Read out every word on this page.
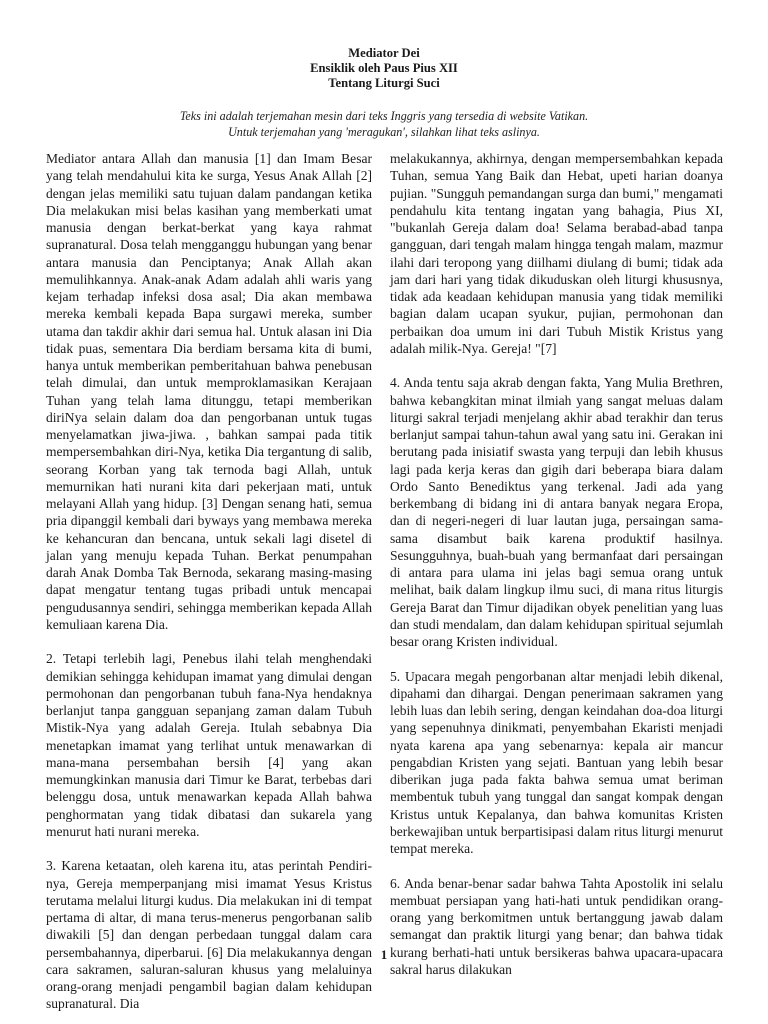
Mediator Dei
Ensiklik oleh Paus Pius XII
Tentang Liturgi Suci
Teks ini adalah terjemahan mesin dari teks Inggris yang tersedia di website Vatikan.
Untuk terjemahan yang 'meragukan', silahkan lihat teks aslinya.

Mediator antara Allah dan manusia [1] dan Imam Besar yang telah mendahului kita ke surga, Yesus Anak Allah [2] dengan jelas memiliki satu tujuan dalam pandangan ketika Dia melakukan misi belas kasihan yang memberkati umat manusia dengan berkat-berkat yang kaya rahmat supranatural. Dosa telah mengganggu hubungan yang benar antara manusia dan Penciptanya; Anak Allah akan memulihkannya. Anak-anak Adam adalah ahli waris yang kejam terhadap infeksi dosa asal; Dia akan membawa mereka kembali kepada Bapa surgawi mereka, sumber utama dan takdir akhir dari semua hal. Untuk alasan ini Dia tidak puas, sementara Dia berdiam bersama kita di bumi, hanya untuk memberikan pemberitahuan bahwa penebusan telah dimulai, dan untuk memproklamasikan Kerajaan Tuhan yang telah lama ditunggu, tetapi memberikan diriNya selain dalam doa dan pengorbanan untuk tugas menyelamatkan jiwa-jiwa. , bahkan sampai pada titik mempersembahkan diri-Nya, ketika Dia tergantung di salib, seorang Korban yang tak ternoda bagi Allah, untuk memurnikan hati nurani kita dari pekerjaan mati, untuk melayani Allah yang hidup. [3] Dengan senang hati, semua pria dipanggil kembali dari byways yang membawa mereka ke kehancuran dan bencana, untuk sekali lagi disetel di jalan yang menuju kepada Tuhan. Berkat penumpahan darah Anak Domba Tak Bernoda, sekarang masing-masing dapat mengatur tentang tugas pribadi untuk mencapai pengudusannya sendiri, sehingga memberikan kepada Allah kemuliaan karena Dia.

2. Tetapi terlebih lagi, Penebus ilahi telah menghendaki demikian sehingga kehidupan imamat yang dimulai dengan permohonan dan pengorbanan tubuh fana-Nya hendaknya berlanjut tanpa gangguan sepanjang zaman dalam Tubuh Mistik-Nya yang adalah Gereja. Itulah sebabnya Dia menetapkan imamat yang terlihat untuk menawarkan di mana-mana persembahan bersih [4] yang akan memungkinkan manusia dari Timur ke Barat, terbebas dari belenggu dosa, untuk menawarkan kepada Allah bahwa penghormatan yang tidak dibatasi dan sukarela yang menurut hati nurani mereka.

3. Karena ketaatan, oleh karena itu, atas perintah Pendiri-nya, Gereja memperpanjang misi imamat Yesus Kristus terutama melalui liturgi kudus. Dia melakukan ini di tempat pertama di altar, di mana terus-menerus pengorbanan salib diwakili [5] dan dengan perbedaan tunggal dalam cara persembahannya, diperbarui. [6] Dia melakukannya dengan cara sakramen, saluran-saluran khusus yang melaluinya orang-orang menjadi pengambil bagian dalam kehidupan supranatural. Dia

melakukannya, akhirnya, dengan mempersembahkan kepada Tuhan, semua Yang Baik dan Hebat, upeti harian doanya pujian. "Sungguh pemandangan surga dan bumi," mengamati pendahulu kita tentang ingatan yang bahagia, Pius XI, "bukanlah Gereja dalam doa! Selama berabad-abad tanpa gangguan, dari tengah malam hingga tengah malam, mazmur ilahi dari teropong yang diilhami diulang di bumi; tidak ada jam dari hari yang tidak dikuduskan oleh liturgi khususnya, tidak ada keadaan kehidupan manusia yang tidak memiliki bagian dalam ucapan syukur, pujian, permohonan dan perbaikan doa umum ini dari Tubuh Mistik Kristus yang adalah milik-Nya. Gereja! "[7]

4. Anda tentu saja akrab dengan fakta, Yang Mulia Brethren, bahwa kebangkitan minat ilmiah yang sangat meluas dalam liturgi sakral terjadi menjelang akhir abad terakhir dan terus berlanjut sampai tahun-tahun awal yang satu ini. Gerakan ini berutang pada inisiatif swasta yang terpuji dan lebih khusus lagi pada kerja keras dan gigih dari beberapa biara dalam Ordo Santo Benediktus yang terkenal. Jadi ada yang berkembang di bidang ini di antara banyak negara Eropa, dan di negeri-negeri di luar lautan juga, persaingan sama-sama disambut baik karena produktif hasilnya. Sesungguhnya, buah-buah yang bermanfaat dari persaingan di antara para ulama ini jelas bagi semua orang untuk melihat, baik dalam lingkup ilmu suci, di mana ritus liturgis Gereja Barat dan Timur dijadikan obyek penelitian yang luas dan studi mendalam, dan dalam kehidupan spiritual sejumlah besar orang Kristen individual.

5. Upacara megah pengorbanan altar menjadi lebih dikenal, dipahami dan dihargai. Dengan penerimaan sakramen yang lebih luas dan lebih sering, dengan keindahan doa-doa liturgi yang sepenuhnya dinikmati, penyembahan Ekaristi menjadi nyata karena apa yang sebenarnya: kepala air mancur pengabdian Kristen yang sejati. Bantuan yang lebih besar diberikan juga pada fakta bahwa semua umat beriman membentuk tubuh yang tunggal dan sangat kompak dengan Kristus untuk Kepalanya, dan bahwa komunitas Kristen berkewajiban untuk berpartisipasi dalam ritus liturgi menurut tempat mereka.

6. Anda benar-benar sadar bahwa Tahta Apostolik ini selalu membuat persiapan yang hati-hati untuk pendidikan orang-orang yang berkomitmen untuk bertanggung jawab dalam semangat dan praktik liturgi yang benar; dan bahwa tidak kurang berhati-hati untuk bersikeras bahwa upacara-upacara sakral harus dilakukan

1
